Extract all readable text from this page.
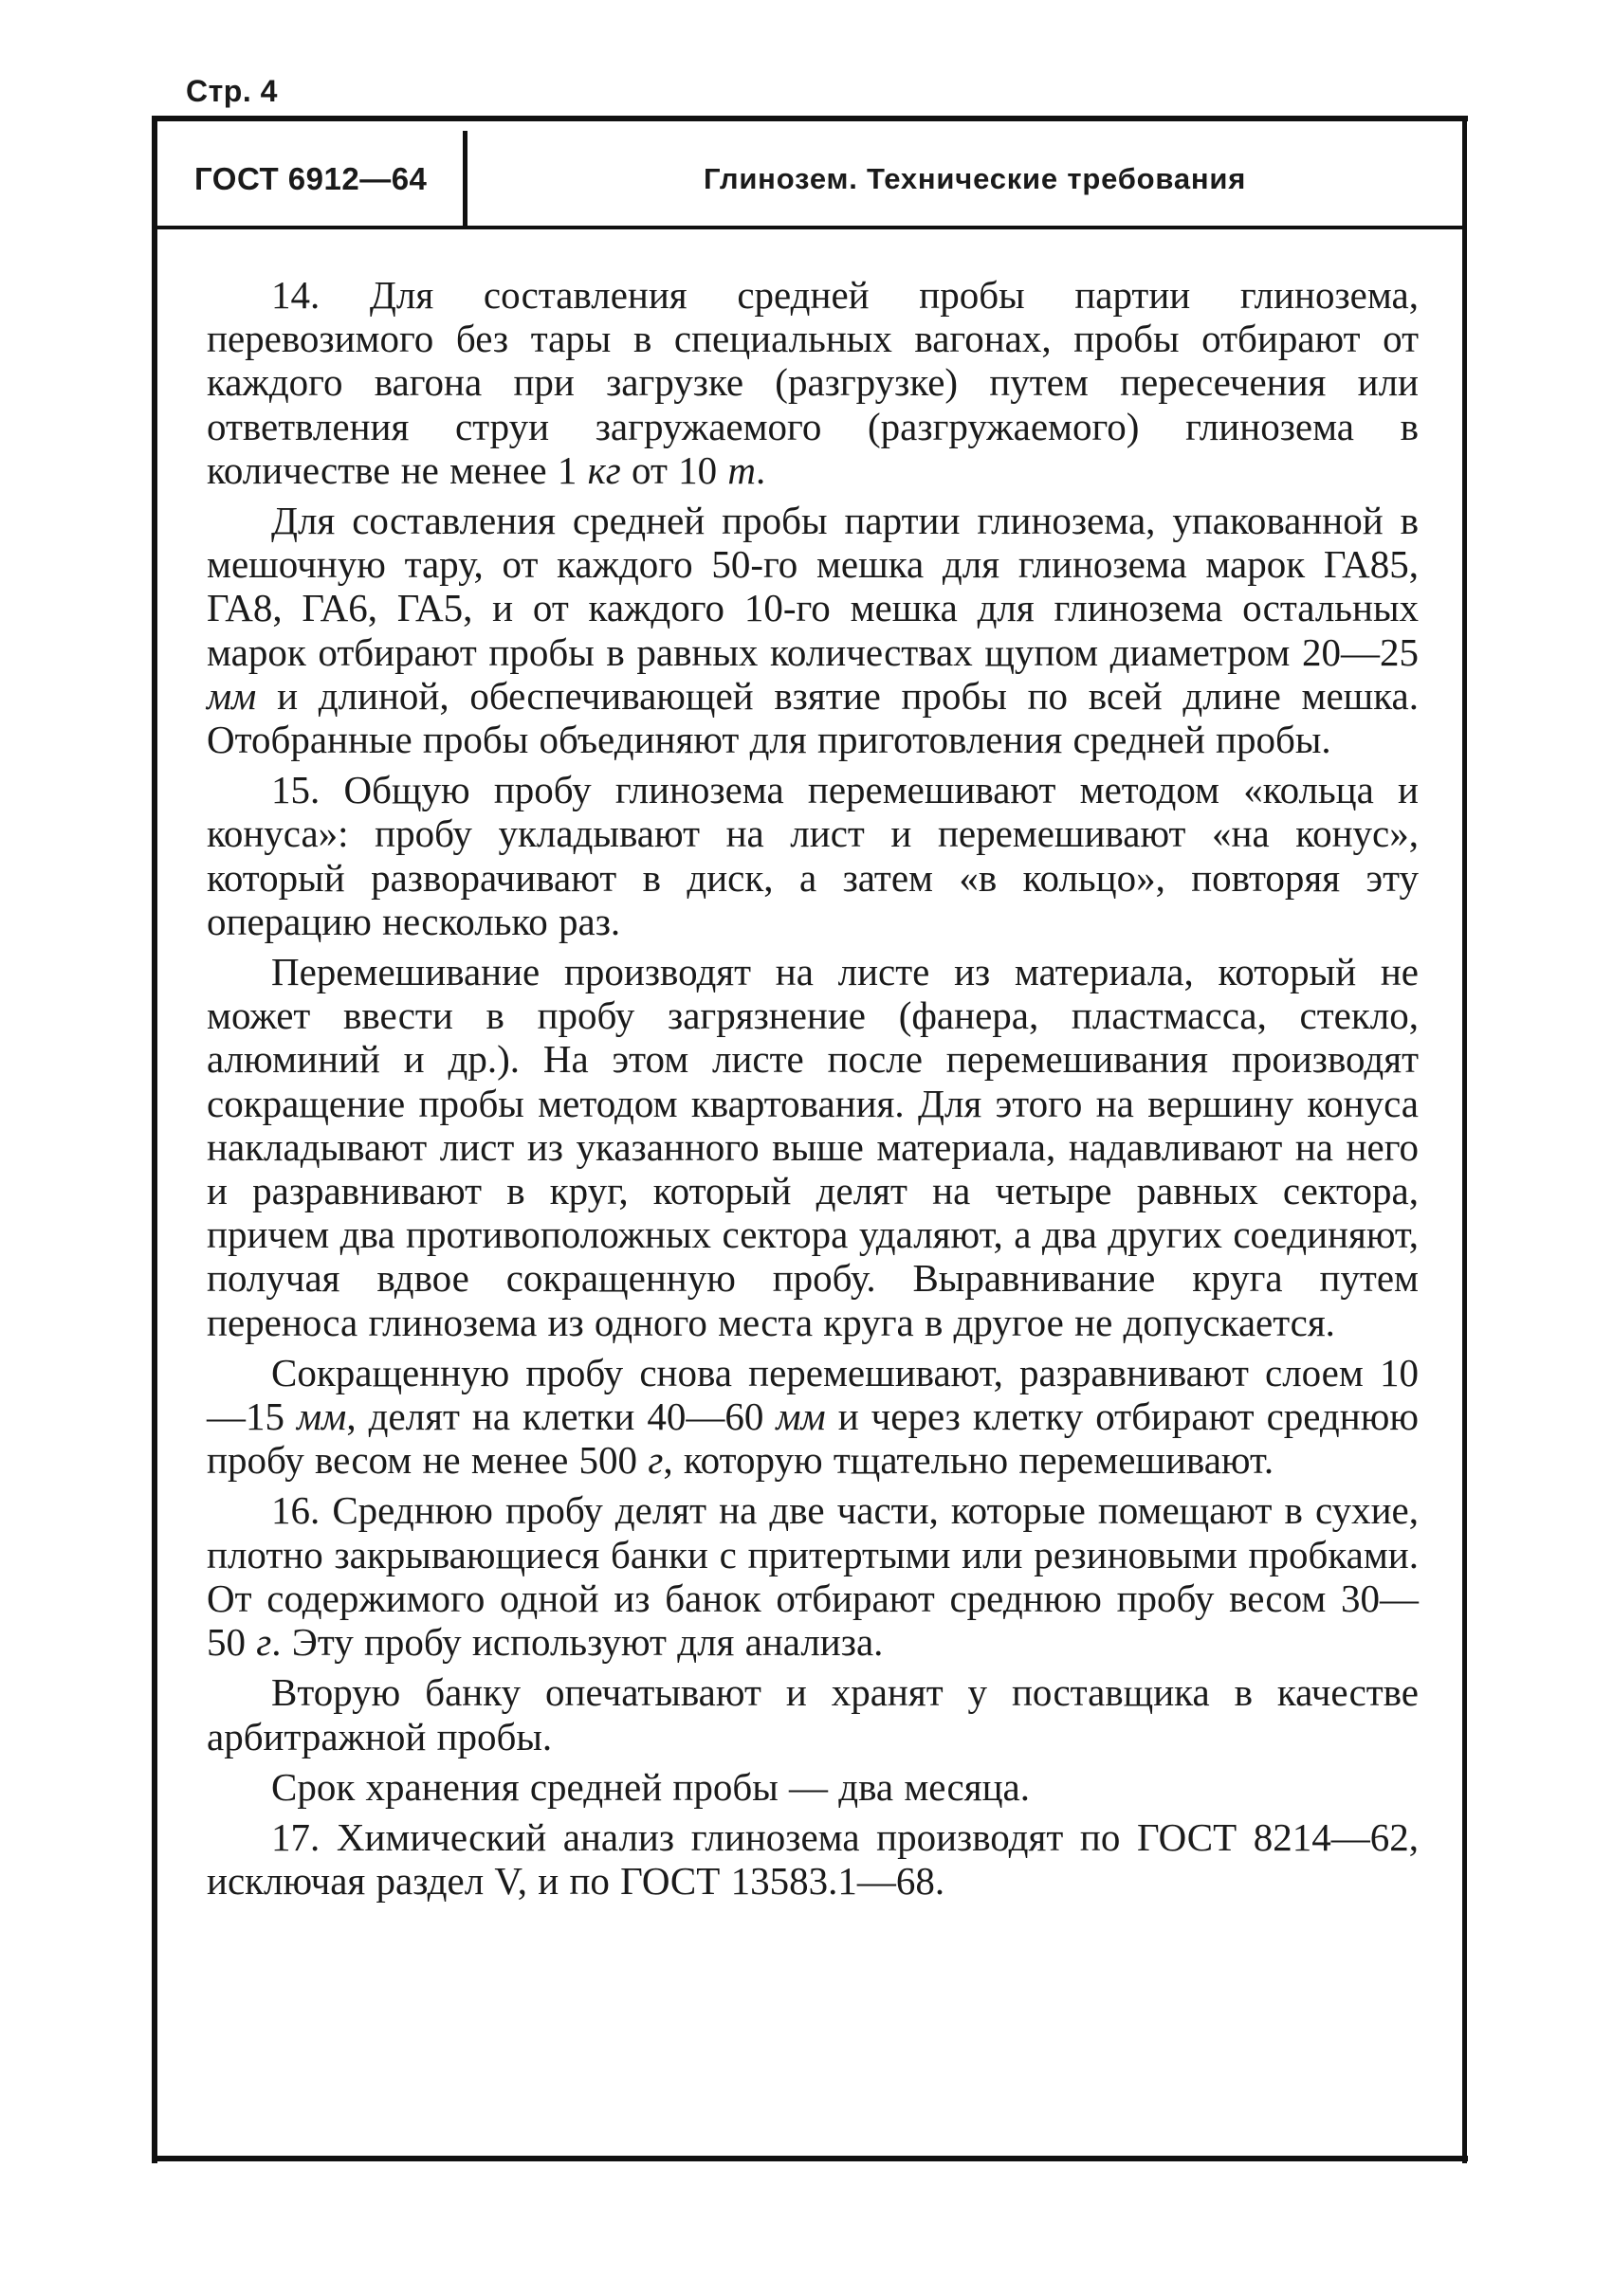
Стр. 4
ГОСТ 6912—64	Глинозем. Технические требования

14. Для составления средней пробы партии глинозема, перевозимого без тары в специальных вагонах, пробы отбирают от каждого вагона при загрузке (разгрузке) путем пересечения или ответвления струи загружаемого (разгружаемого) глинозема в количестве не менее 1 кг от 10 т.

Для составления средней пробы партии глинозема, упакованной в мешочную тару, от каждого 50-го мешка для глинозема марок ГА85, ГА8, ГА6, ГА5, и от каждого 10-го мешка для глинозема остальных марок отбирают пробы в равных количествах щупом диаметром 20—25 мм и длиной, обеспечивающей взятие пробы по всей длине мешка. Отобранные пробы объединяют для приготовления средней пробы.

15. Общую пробу глинозема перемешивают методом «кольца и конуса»: пробу укладывают на лист и перемешивают «на конус», который разворачивают в диск, а затем «в кольцо», повторяя эту операцию несколько раз.

Перемешивание производят на листе из материала, который не может ввести в пробу загрязнение (фанера, пластмасса, стекло, алюминий и др.). На этом листе после перемешивания производят сокращение пробы методом квартования. Для этого на вершину конуса накладывают лист из указанного выше материала, надавливают на него и разравнивают в круг, который делят на четыре равных сектора, причем два противоположных сектора удаляют, а два других соединяют, получая вдвое сокращенную пробу. Выравнивание круга путем переноса глинозема из одного места круга в другое не допускается.

Сокращенную пробу снова перемешивают, разравнивают слоем 10—15 мм, делят на клетки 40—60 мм и через клетку отбирают среднюю пробу весом не менее 500 г, которую тщательно перемешивают.

16. Среднюю пробу делят на две части, которые помещают в сухие, плотно закрывающиеся банки с притертыми или резиновыми пробками. От содержимого одной из банок отбирают среднюю пробу весом 30—50 г. Эту пробу используют для анализа.

Вторую банку опечатывают и хранят у поставщика в качестве арбитражной пробы.

Срок хранения средней пробы — два месяца.

17. Химический анализ глинозема производят по ГОСТ 8214—62, исключая раздел V, и по ГОСТ 13583.1—68.
